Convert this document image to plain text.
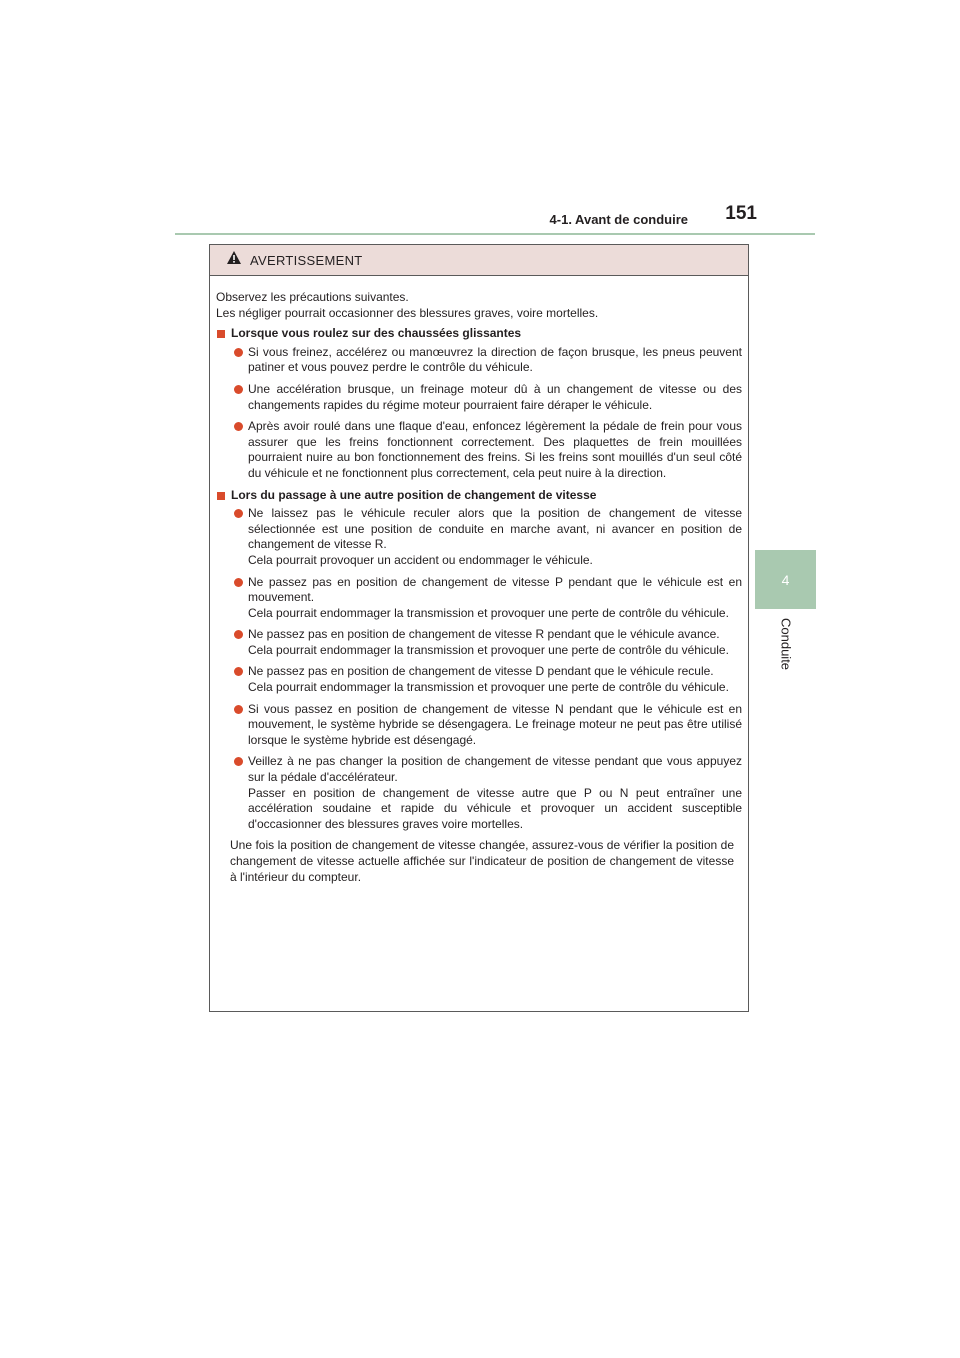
4-1. Avant de conduire 151
4
Conduite
AVERTISSEMENT

Observez les précautions suivantes.
Les négliger pourrait occasionner des blessures graves, voire mortelles.

Lorsque vous roulez sur des chaussées glissantes
Si vous freinez, accélérez ou manœuvrez la direction de façon brusque, les pneus peuvent patiner et vous pouvez perdre le contrôle du véhicule.
Une accélération brusque, un freinage moteur dû à un changement de vitesse ou des changements rapides du régime moteur pourraient faire déraper le véhicule.
Après avoir roulé dans une flaque d'eau, enfoncez légèrement la pédale de frein pour vous assurer que les freins fonctionnent correctement. Des plaquettes de frein mouillées pourraient nuire au bon fonctionnement des freins. Si les freins sont mouillés d'un seul côté du véhicule et ne fonctionnent plus correctement, cela peut nuire à la direction.
Lors du passage à une autre position de changement de vitesse
Ne laissez pas le véhicule reculer alors que la position de changement de vitesse sélectionnée est une position de conduite en marche avant, ni avancer en position de changement de vitesse R.
Cela pourrait provoquer un accident ou endommager le véhicule.
Ne passez pas en position de changement de vitesse P pendant que le véhicule est en mouvement.
Cela pourrait endommager la transmission et provoquer une perte de contrôle du véhicule.
Ne passez pas en position de changement de vitesse R pendant que le véhicule avance.
Cela pourrait endommager la transmission et provoquer une perte de contrôle du véhicule.
Ne passez pas en position de changement de vitesse D pendant que le véhicule recule.
Cela pourrait endommager la transmission et provoquer une perte de contrôle du véhicule.
Si vous passez en position de changement de vitesse N pendant que le véhicule est en mouvement, le système hybride se désengagera. Le freinage moteur ne peut pas être utilisé lorsque le système hybride est désengagé.
Veillez à ne pas changer la position de changement de vitesse pendant que vous appuyez sur la pédale d'accélérateur.
Passer en position de changement de vitesse autre que P ou N peut entraîner une accélération soudaine et rapide du véhicule et provoquer un accident susceptible d'occasionner des blessures graves voire mortelles.

Une fois la position de changement de vitesse changée, assurez-vous de vérifier la position de changement de vitesse actuelle affichée sur l'indicateur de position de changement de vitesse à l'intérieur du compteur.
